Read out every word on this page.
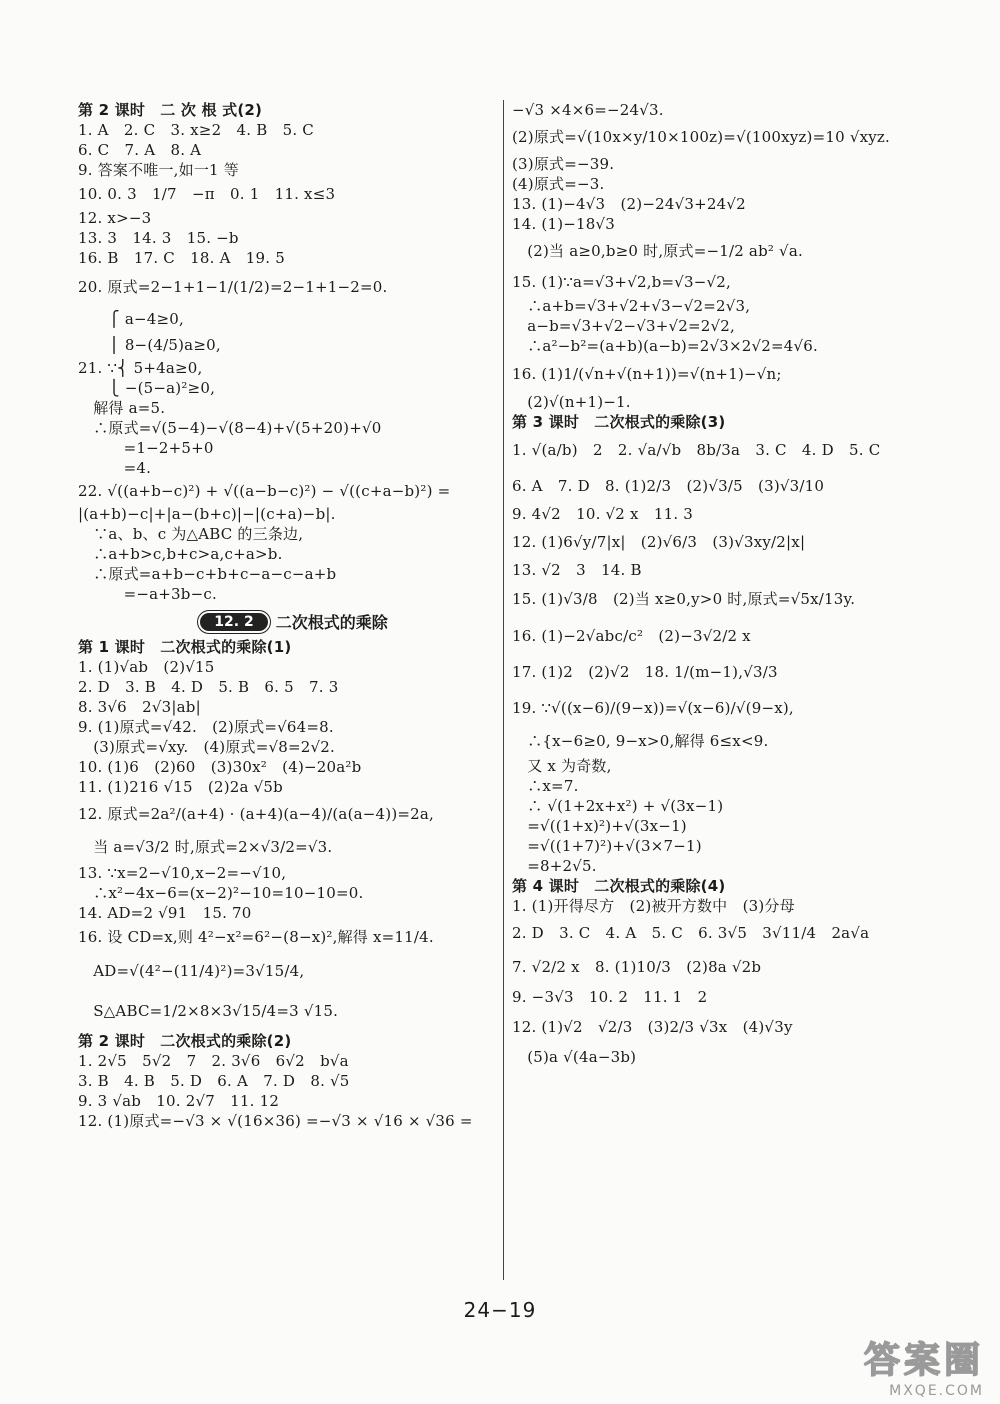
第 2 课时　二 次 根 式(2)
1. A　2. C　3. x≥2　4. B　5. C
6. C　7. A　8. A
9. 答案不唯一,如一1 等
10. 0. 3　1/7　−π　0. 1　11. x≤3
12. x>−3
13. 3　14. 3　15. −b
16. B　17. C　18. A　19. 5
20. 原式=2−1+1−1/(1/2)=2−1+1−2=0.
　　⎧ a−4≥0,
　　⎪ 8−(4/5)a≥0,
21. ∵⎨ 5+4a≥0,
　　⎩ −(5−a)²≥0,
　解得 a=5.
　∴原式=√(5−4)−√(8−4)+√(5+20)+√0
　　　=1−2+5+0
　　　=4.
22. √((a+b−c)²) + √((a−b−c)²) − √((c+a−b)²) =
|(a+b)−c|+|a−(b+c)|−|(c+a)−b|.
　∵a、b、c 为△ABC 的三条边,
　∴a+b>c,b+c>a,c+a>b.
　∴原式=a+b−c+b+c−a−c−a+b
　　　=−a+3b−c.
12. 2	二次根式的乘除
第 1 课时　二次根式的乘除(1)
1. (1)√ab　(2)√15
2. D　3. B　4. D　5. B　6. 5　7. 3
8. 3√6　2√3|ab|
9. (1)原式=√42.　(2)原式=√64=8.
　(3)原式=√xy.　(4)原式=√8=2√2.
10. (1)6　(2)60　(3)30x²　(4)−20a²b
11. (1)216 √15　(2)2a √5b
12. 原式=2a²/(a+4) · (a+4)(a−4)/(a(a−4))=2a,
　当 a=√3/2 时,原式=2×√3/2=√3.
13. ∵x=2−√10,x−2=−√10,
　∴x²−4x−6=(x−2)²−10=10−10=0.
14. AD=2 √91　15. 70
16. 设 CD=x,则 4²−x²=6²−(8−x)²,解得 x=11/4.
　AD=√(4²−(11/4)²)=3√15/4,
　S△ABC=1/2×8×3√15/4=3 √15.
第 2 课时　二次根式的乘除(2)
1. 2√5　5√2　7　2. 3√6　6√2　b√a
3. B　4. B　5. D　6. A　7. D　8. √5
9. 3 √ab　10. 2√7　11. 12
12. (1)原式=−√3 × √(16×36) =−√3 × √16 × √36 =
−√3 ×4×6=−24√3.
(2)原式=√(10x×y/10×100z)=√(100xyz)=10 √xyz.
(3)原式=−39.
(4)原式=−3.
13. (1)−4√3　(2)−24√3+24√2
14. (1)−18√3
　(2)当 a≥0,b≥0 时,原式=−1/2 ab² √a.
15. (1)∵a=√3+√2,b=√3−√2,
　∴a+b=√3+√2+√3−√2=2√3,
　a−b=√3+√2−√3+√2=2√2,
　∴a²−b²=(a+b)(a−b)=2√3×2√2=4√6.
16. (1)1/(√n+√(n+1))=√(n+1)−√n;
　(2)√(n+1)−1.
第 3 课时　二次根式的乘除(3)
1. √(a/b)　2　2. √a/√b　8b/3a　3. C　4. D　5. C
6. A　7. D　8. (1)2/3　(2)√3/5　(3)√3/10
9. 4√2　10. √2 x　11. 3
12. (1)6√y/7|x|　(2)√6/3　(3)√3xy/2|x|
13. √2　3　14. B
15. (1)√3/8　(2)当 x≥0,y>0 时,原式=√5x/13y.
16. (1)−2√abc/c²　(2)−3√2/2 x
17. (1)2　(2)√2　18. 1/(m−1),√3/3
19. ∵√((x−6)/(9−x))=√(x−6)/√(9−x),
　∴{x−6≥0, 9−x>0,解得 6≤x<9.
　又 x 为奇数,
　∴x=7.
　∴ √(1+2x+x²) + √(3x−1)
　=√((1+x)²)+√(3x−1)
　=√((1+7)²)+√(3×7−1)
　=8+2√5.
第 4 课时　二次根式的乘除(4)
1. (1)开得尽方　(2)被开方数中　(3)分母
2. D　3. C　4. A　5. C　6. 3√5　3√11/4　2a√a
7. √2/2 x　8. (1)10/3　(2)8a √2b
9. −3√3　10. 2　11. 1　2
12. (1)√2　√2/3　(3)2/3 √3x　(4)√3y
　(5)a √(4a−3b)
24−19
答案圈
MXQE.COM
